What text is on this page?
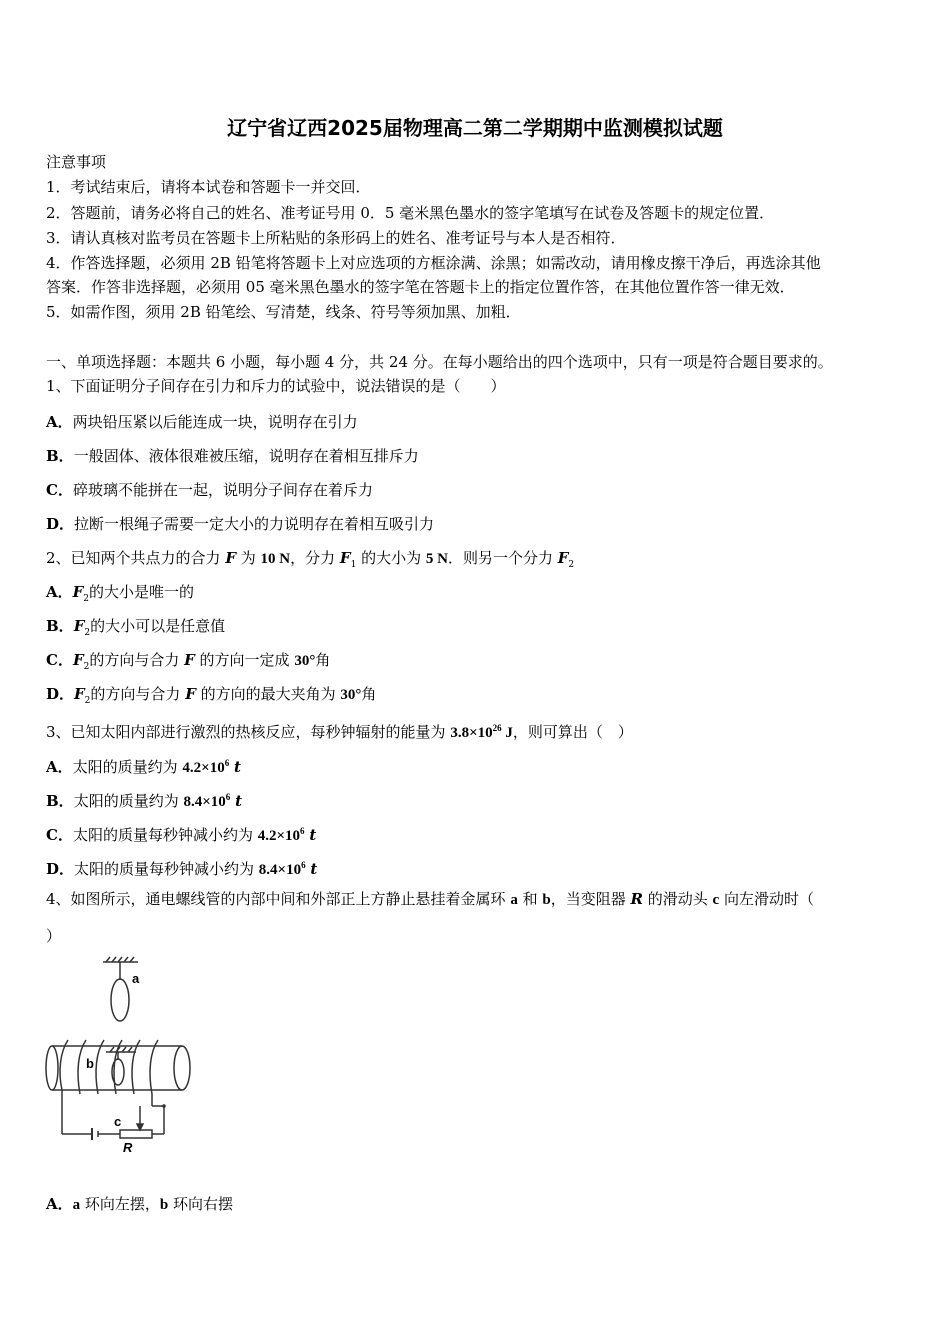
辽宁省辽西2025届物理高二第二学期期中监测模拟试题
注意事项
1．考试结束后，请将本试卷和答题卡一并交回．
2．答题前，请务必将自己的姓名、准考证号用 0．5 毫米黑色墨水的签字笔填写在试卷及答题卡的规定位置．
3．请认真核对监考员在答题卡上所粘贴的条形码上的姓名、准考证号与本人是否相符．
4．作答选择题，必须用 2B 铅笔将答题卡上对应选项的方框涂满、涂黑；如需改动，请用橡皮擦干净后，再选涂其他
答案．作答非选择题，必须用 05 毫米黑色墨水的签字笔在答题卡上的指定位置作答，在其他位置作答一律无效．
5．如需作图，须用 2B 铅笔绘、写清楚，线条、符号等须加黑、加粗．
一、单项选择题：本题共 6 小题，每小题 4 分，共 24 分。在每小题给出的四个选项中，只有一项是符合题目要求的。
1、下面证明分子间存在引力和斥力的试验中，说法错误的是（　　）
A．两块铅压紧以后能连成一块，说明存在引力
B．一般固体、液体很难被压缩，说明存在着相互排斥力
C．碎玻璃不能拼在一起，说明分子间存在着斥力
D．拉断一根绳子需要一定大小的力说明存在着相互吸引力
2、已知两个共点力的合力 F 为 10 N，分力 $F_1$ 的大小为 5 N．则另一个分力 $F_2$
A．$F_2$的大小是唯一的
B．$F_2$的大小可以是任意值
C．$F_2$的方向与合力 F 的方向一定成 30°角
D．$F_2$的方向与合力 F 的方向的最大夹角为 30°角
3、已知太阳内部进行激烈的热核反应，每秒钟辐射的能量为 $3.8\times 10^{26}$ J，则可算出（　）
A．太阳的质量约为 $4.2\times 10^6$ t
B．太阳的质量约为 $8.4\times 10^6$ t
C．太阳的质量每秒钟减小约为 $4.2\times 10^6$ t
D．太阳的质量每秒钟减小约为 $8.4\times 10^6$ t
4、如图所示，通电螺线管的内部中间和外部正上方静止悬挂着金属环 a 和 b，当变阻器 R 的滑动头 c 向左滑动时（
）
a
b
c
R
A．a 环向左摆，b 环向右摆
